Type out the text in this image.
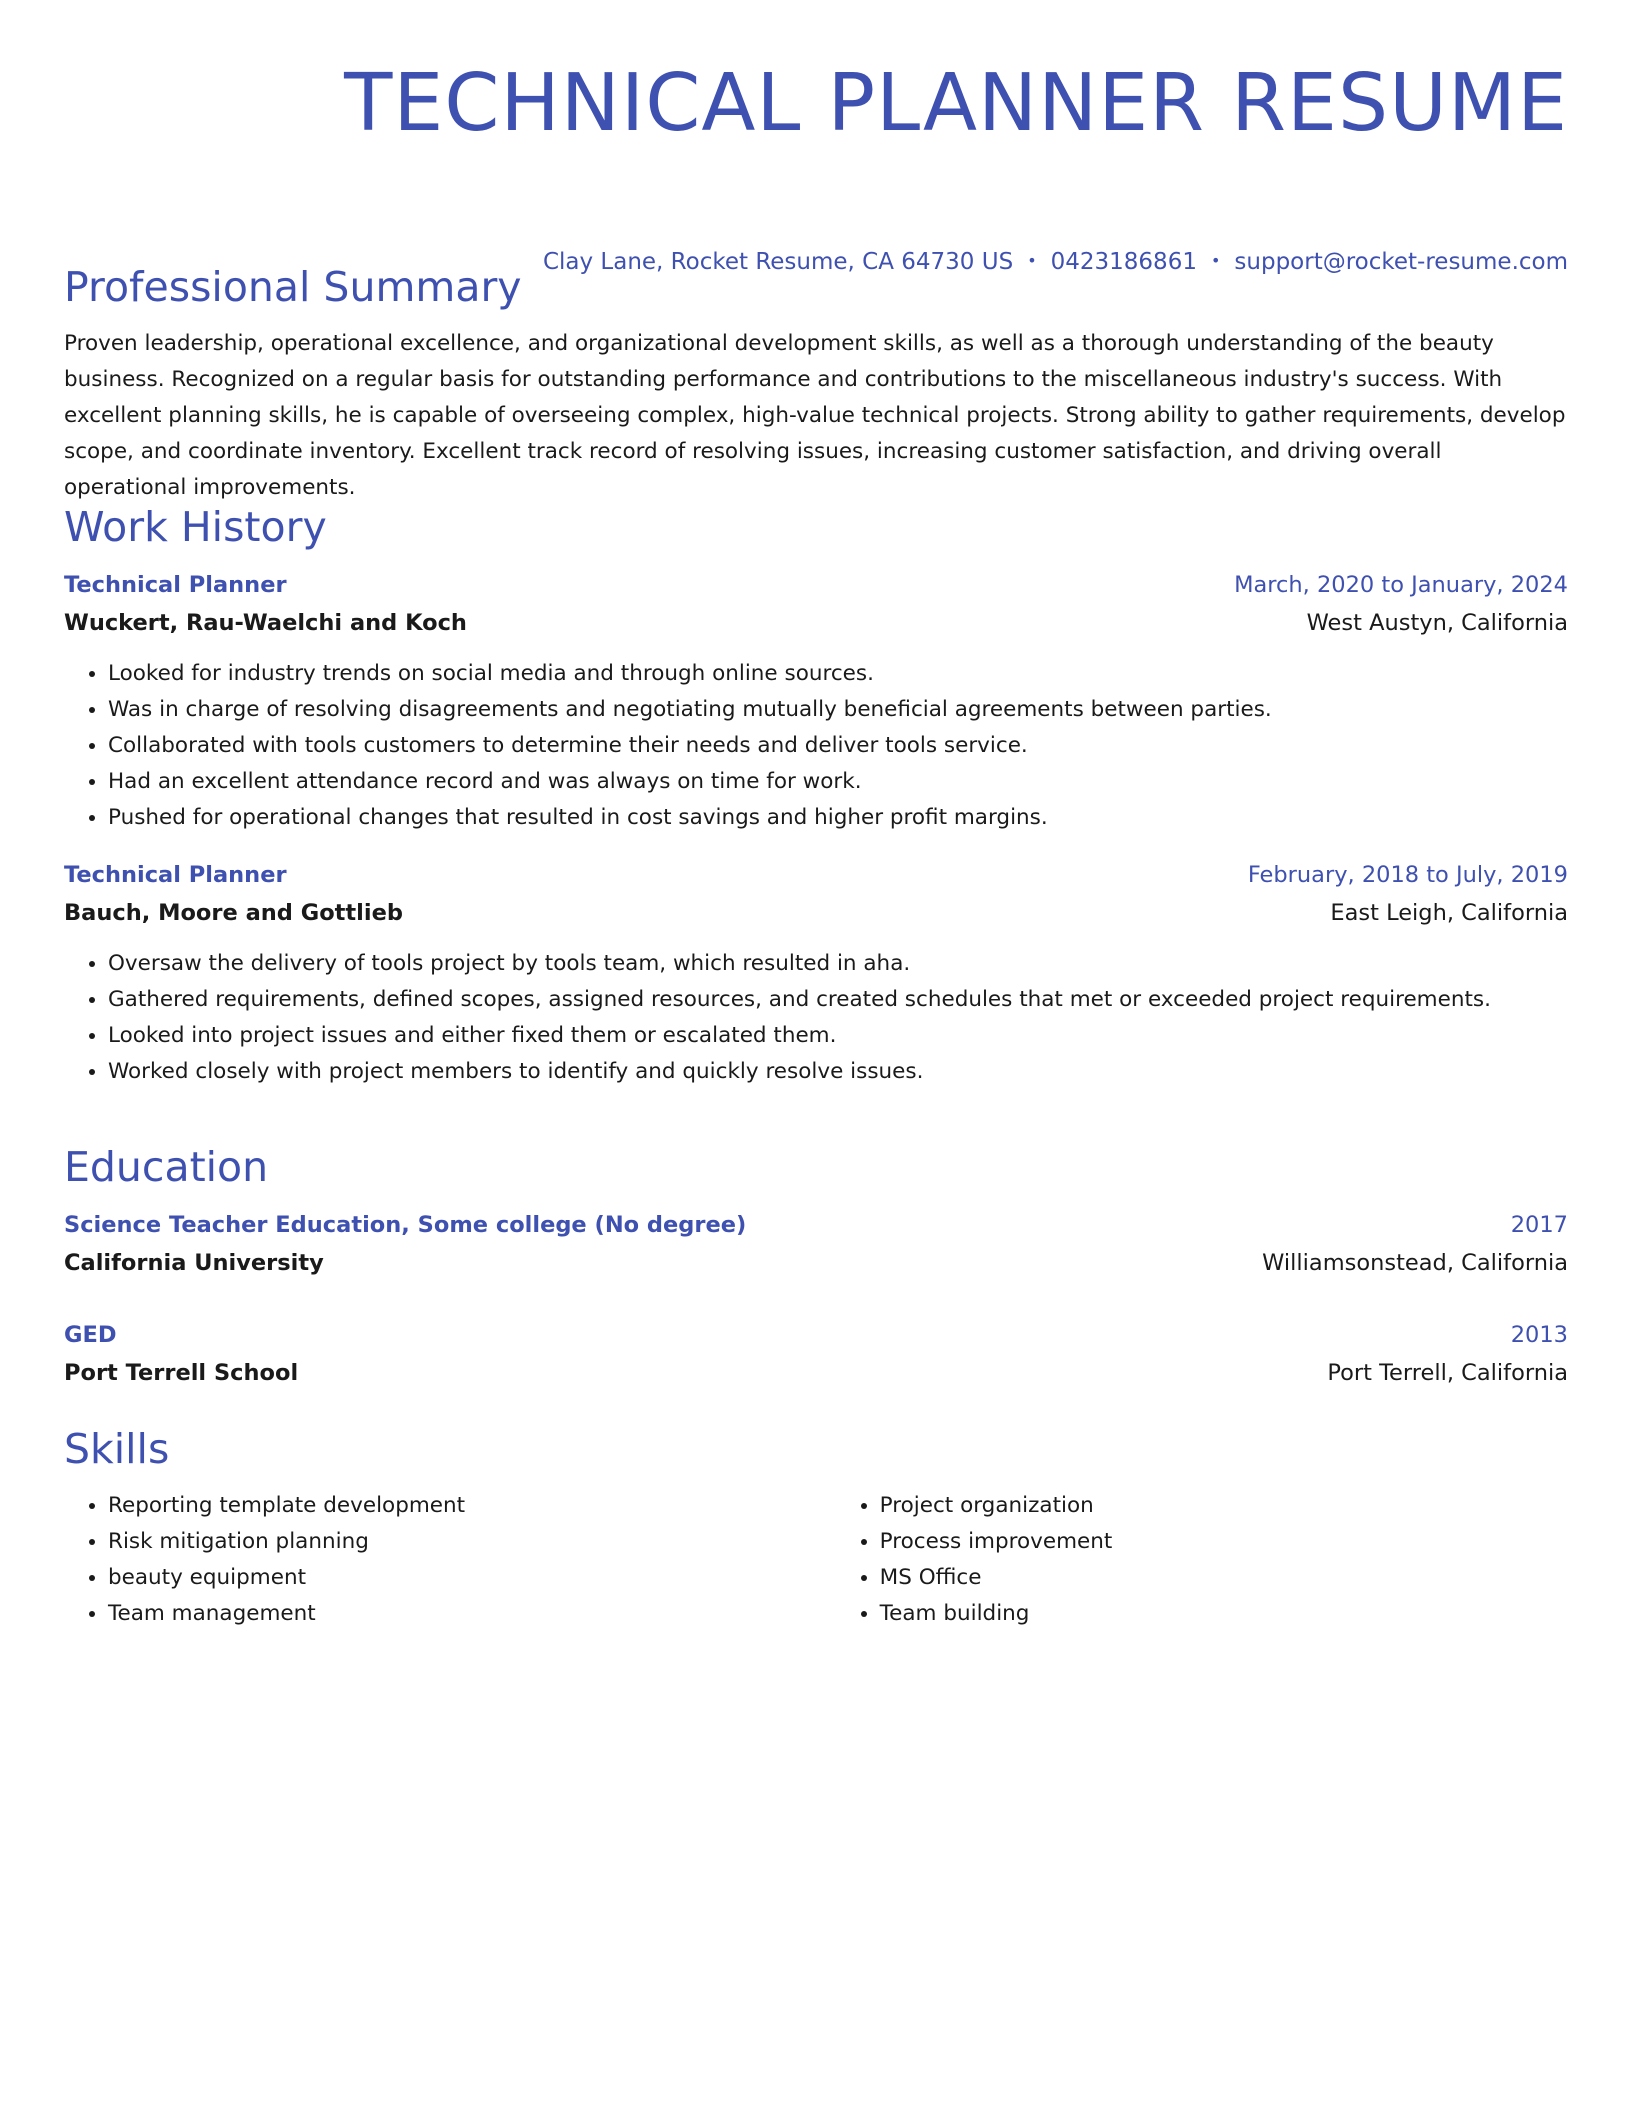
TECHNICAL PLANNER RESUME
Clay Lane, Rocket Resume, CA 64730 US • 0423186861 • support@rocket-resume.com
Professional Summary

Proven leadership, operational excellence, and organizational development skills, as well as a thorough understanding of the beauty business. Recognized on a regular basis for outstanding performance and contributions to the miscellaneous industry's success. With excellent planning skills, he is capable of overseeing complex, high-value technical projects. Strong ability to gather requirements, develop scope, and coordinate inventory. Excellent track record of resolving issues, increasing customer satisfaction, and driving overall operational improvements.

Work History
Technical Planner	March, 2020 to January, 2024
Wuckert, Rau-Waelchi and Koch	West Austyn, California
• Looked for industry trends on social media and through online sources.
• Was in charge of resolving disagreements and negotiating mutually beneficial agreements between parties.
• Collaborated with tools customers to determine their needs and deliver tools service.
• Had an excellent attendance record and was always on time for work.
• Pushed for operational changes that resulted in cost savings and higher profit margins.
Technical Planner	February, 2018 to July, 2019
Bauch, Moore and Gottlieb	East Leigh, California
• Oversaw the delivery of tools project by tools team, which resulted in aha.
• Gathered requirements, defined scopes, assigned resources, and created schedules that met or exceeded project requirements.
• Looked into project issues and either fixed them or escalated them.
• Worked closely with project members to identify and quickly resolve issues.
Education
Science Teacher Education, Some college (No degree)	2017
California University	Williamsonstead, California
GED	2013
Port Terrell School	Port Terrell, California
Skills
• Reporting template development
• Risk mitigation planning
• beauty equipment
• Team management
• Project organization
• Process improvement
• MS Office
• Team building
